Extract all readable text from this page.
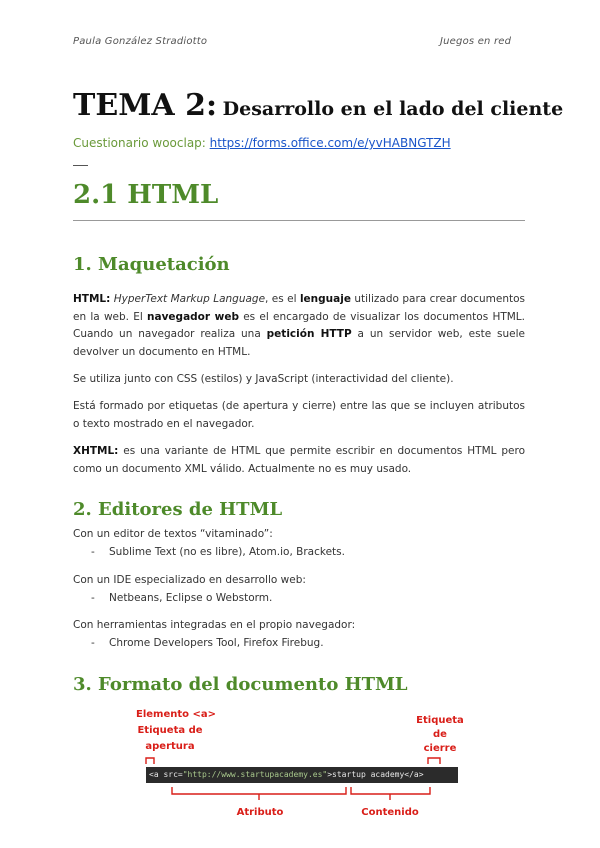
Paula González Stradiotto	Juegos en red
TEMA 2: Desarrollo en el lado del cliente
Cuestionario wooclap: https://forms.office.com/e/yvHABNGTZH
2.1 HTML
1. Maquetación
HTML: HyperText Markup Language, es el lenguaje utilizado para crear documentos en la web. El navegador web es el encargado de visualizar los documentos HTML. Cuando un navegador realiza una petición HTTP a un servidor web, este suele devolver un documento en HTML.
Se utiliza junto con CSS (estilos) y JavaScript (interactividad del cliente).
Está formado por etiquetas (de apertura y cierre) entre las que se incluyen atributos o texto mostrado en el navegador.
XHTML: es una variante de HTML que permite escribir en documentos HTML pero como un documento XML válido. Actualmente no es muy usado.
2. Editores de HTML
Con un editor de textos “vitaminado”:
- Sublime Text (no es libre), Atom.io, Brackets.
Con un IDE especializado en desarrollo web:
- Netbeans, Eclipse o Webstorm.
Con herramientas integradas en el propio navegador:
- Chrome Developers Tool, Firefox Firebug.
3. Formato del documento HTML
Elemento <a>
Etiqueta de
apertura
Etiqueta
de
cierre
<a src="http://www.startupacademy.es">startup academy</a>
Atributo	Contenido
